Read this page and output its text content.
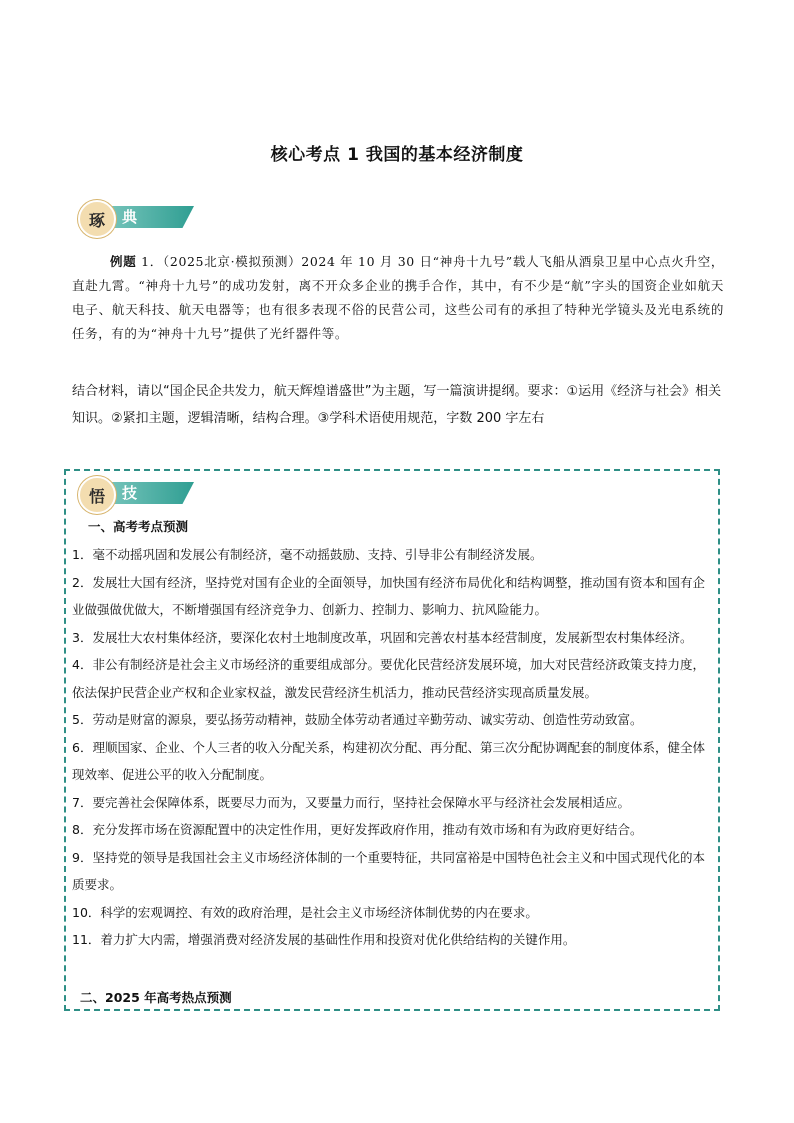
核心考点 1 我国的基本经济制度
琢	典例
例题 1．（2025北京·模拟预测）2024 年 10 月 30 日“神舟十九号”载人飞船从酒泉卫星中心点火升空，直赴九霄。“神舟十九号”的成功发射，离不开众多企业的携手合作，其中，有不少是“航”字头的国资企业如航天电子、航天科技、航天电器等；也有很多表现不俗的民营公司，这些公司有的承担了特种光学镜头及光电系统的任务，有的为“神舟十九号”提供了光纤器件等。
结合材料，请以“国企民企共发力，航天辉煌谱盛世”为主题，写一篇演讲提纲。要求：①运用《经济与社会》相关知识。②紧扣主题，逻辑清晰，结构合理。③学科术语使用规范，字数 200 字左右
悟	技能
一、高考考点预测
1．毫不动摇巩固和发展公有制经济，毫不动摇鼓励、支持、引导非公有制经济发展。
2．发展壮大国有经济，坚持党对国有企业的全面领导，加快国有经济布局优化和结构调整，推动国有资本和国有企业做强做优做大，不断增强国有经济竞争力、创新力、控制力、影响力、抗风险能力。
3．发展壮大农村集体经济，要深化农村土地制度改革，巩固和完善农村基本经营制度，发展新型农村集体经济。
4．非公有制经济是社会主义市场经济的重要组成部分。要优化民营经济发展环境，加大对民营经济政策支持力度，依法保护民营企业产权和企业家权益，激发民营经济生机活力，推动民营经济实现高质量发展。
5．劳动是财富的源泉，要弘扬劳动精神，鼓励全体劳动者通过辛勤劳动、诚实劳动、创造性劳动致富。
6．理顺国家、企业、个人三者的收入分配关系，构建初次分配、再分配、第三次分配协调配套的制度体系，健全体现效率、促进公平的收入分配制度。
7．要完善社会保障体系，既要尽力而为，又要量力而行，坚持社会保障水平与经济社会发展相适应。
8．充分发挥市场在资源配置中的决定性作用，更好发挥政府作用，推动有效市场和有为政府更好结合。
9．坚持党的领导是我国社会主义市场经济体制的一个重要特征，共同富裕是中国特色社会主义和中国式现代化的本质要求。
10．科学的宏观调控、有效的政府治理，是社会主义市场经济体制优势的内在要求。
11．着力扩大内需，增强消费对经济发展的基础性作用和投资对优化供给结构的关键作用。
二、2025 年高考热点预测
